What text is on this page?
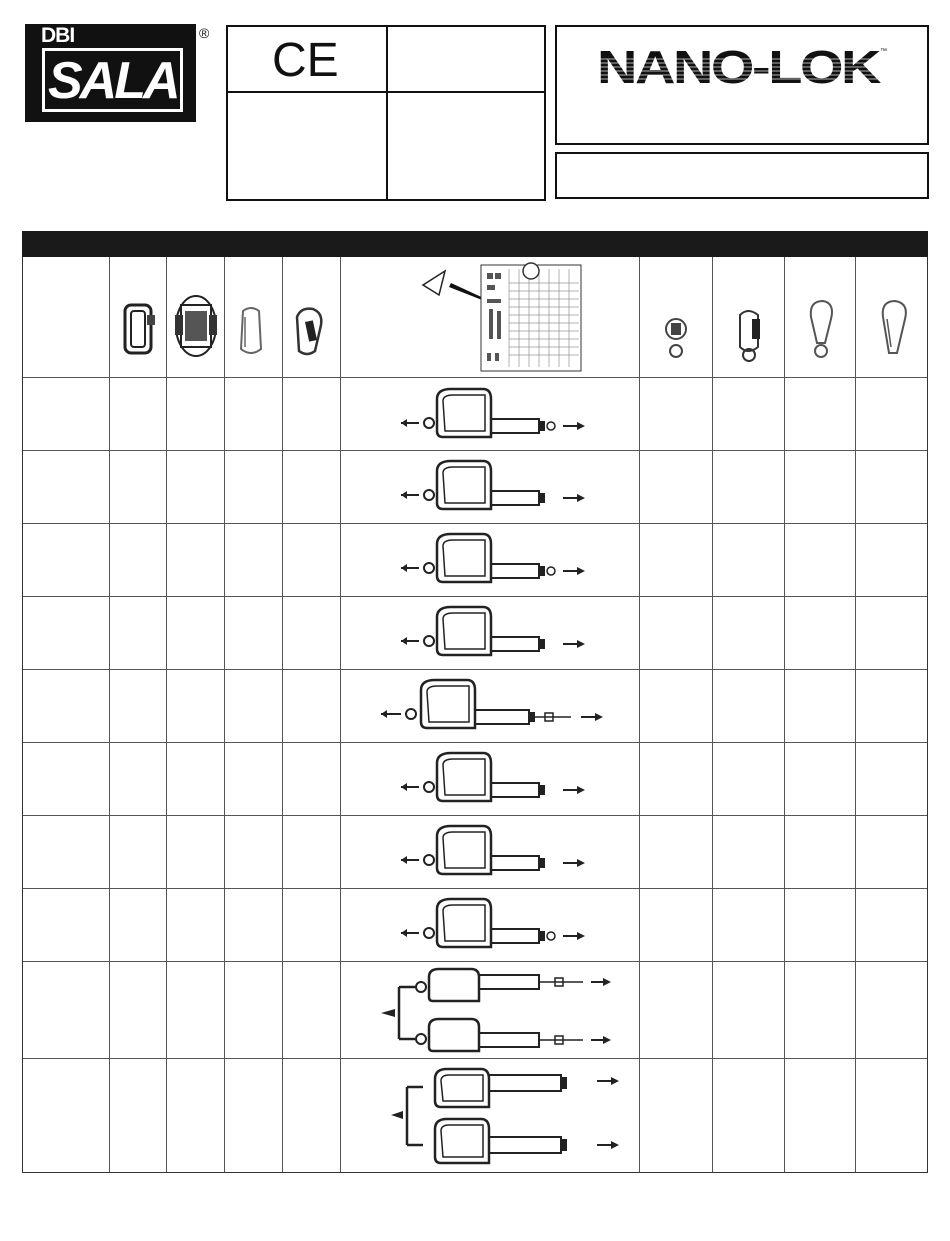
DBI
SALA
®
CE	NANO-LOK
™
